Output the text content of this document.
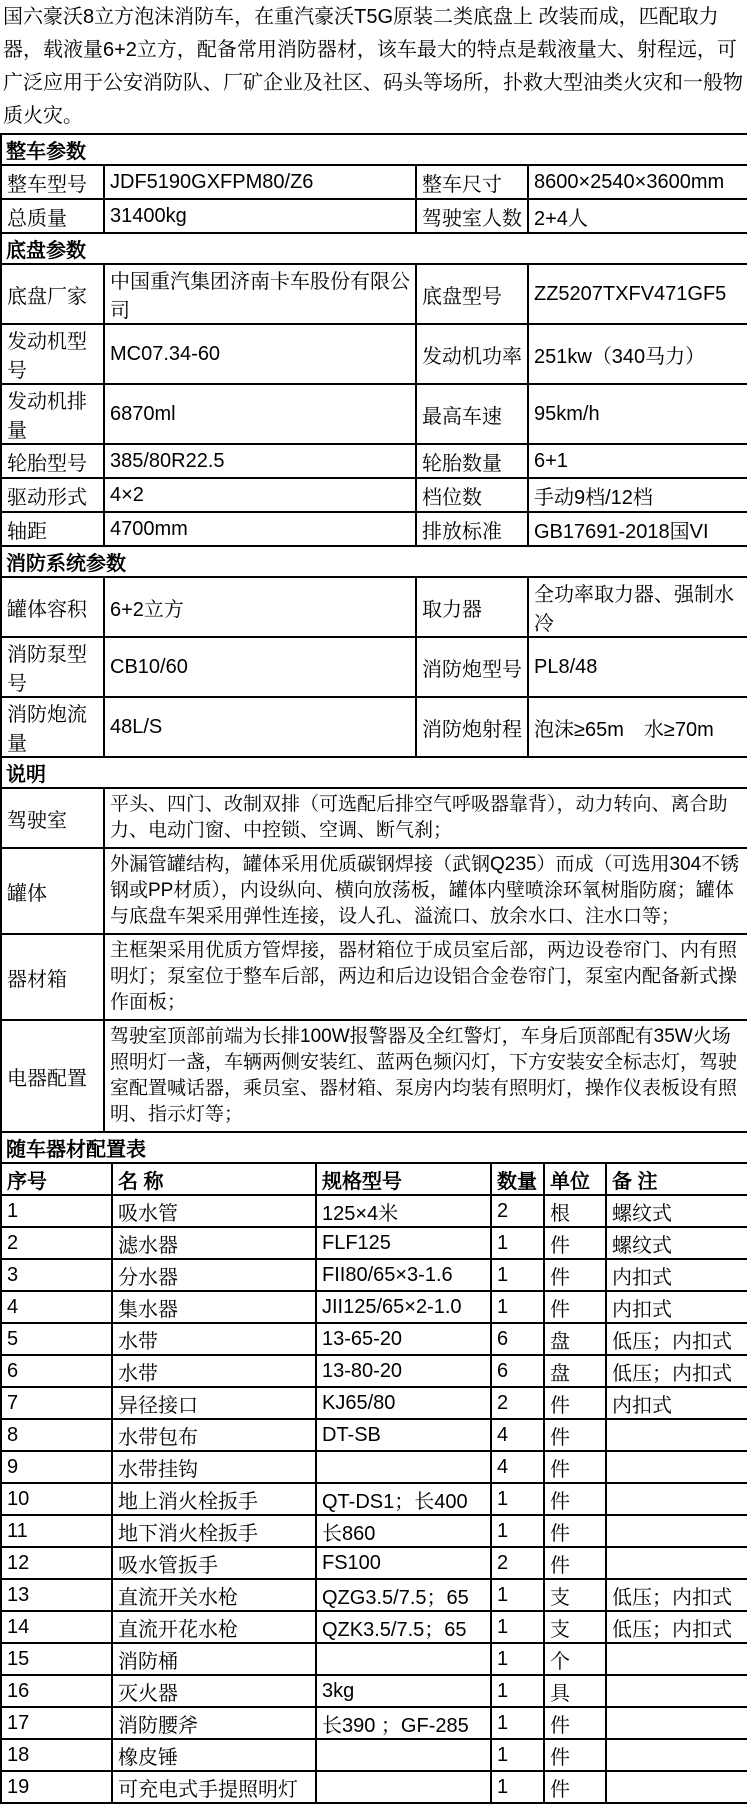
国六豪沃8立方泡沫消防车，在重汽豪沃T5G原装二类底盘上 改装而成，匹配取力器，载液量6+2立方，配备常用消防器材，该车最大的特点是载液量大、射程远，可广泛应用于公安消防队、厂矿企业及社区、码头等场所，扑救大型油类火灾和一般物质火灾。
整车参数			
整车型号	JDF5190GXFPM80/Z6	整车尺寸	8600×2540×3600mm
总质量	31400kg	驾驶室人数	2+4人
底盘参数			
底盘厂家	中国重汽集团济南卡车股份有限公司	底盘型号	ZZ5207TXFV471GF5
发动机型号	MC07.34-60	发动机功率	251kw（340马力）
发动机排量	6870ml	最高车速	95km/h
轮胎型号	385/80R22.5	轮胎数量	6+1
驱动形式	4×2	档位数	手动9档/12档
轴距	4700mm	排放标准	GB17691-2018国VI
消防系统参数			
罐体容积	6+2立方	取力器	全功率取力器、强制水冷
消防泵型号	CB10/60	消防炮型号	PL8/48
消防炮流量	48L/S	消防炮射程	泡沫≥65m　水≥70m
说明	
驾驶室	平头、四门、改制双排（可选配后排空气呼吸器靠背），动力转向、离合助力、电动门窗、中控锁、空调、断气刹；
罐体	外漏管罐结构，罐体采用优质碳钢焊接（武钢Q235）而成（可选用304不锈钢或PP材质），内设纵向、横向放荡板，罐体内壁喷涂环氧树脂防腐；罐体与底盘车架采用弹性连接，设人孔、溢流口、放余水口、注水口等；
器材箱	主框架采用优质方管焊接，器材箱位于成员室后部，两边设卷帘门、内有照明灯；泵室位于整车后部，两边和后边设铝合金卷帘门，泵室内配备新式操作面板；
电器配置	驾驶室顶部前端为长排100W报警器及全红警灯，车身后顶部配有35W火场照明灯一盏，车辆两侧安装红、蓝两色频闪灯，下方安装安全标志灯，驾驶室配置喊话器，乘员室、器材箱、泵房内均装有照明灯，操作仪表板设有照明、指示灯等；
随车器材配置表					
序号	名 称	规格型号	数量	单位	备 注
1	吸水管	125×4米	2	根	螺纹式
2	滤水器	FLF125	1	件	螺纹式
3	分水器	FII80/65×3-1.6	1	件	内扣式
4	集水器	JII125/65×2-1.0	1	件	内扣式
5	水带	13-65-20	6	盘	低压；内扣式
6	水带	13-80-20	6	盘	低压；内扣式
7	异径接口	KJ65/80	2	件	内扣式
8	水带包布	DT-SB	4	件	
9	水带挂钩		4	件	
10	地上消火栓扳手	QT-DS1；长400	1	件	
11	地下消火栓扳手	长860	1	件	
12	吸水管扳手	FS100	2	件	
13	直流开关水枪	QZG3.5/7.5；65	1	支	低压；内扣式
14	直流开花水枪	QZK3.5/7.5；65	1	支	低压；内扣式
15	消防桶		1	个	
16	灭火器	3kg	1	具	
17	消防腰斧	长390 ；GF-285	1	件	
18	橡皮锤		1	件	
19	可充电式手提照明灯		1	件	
